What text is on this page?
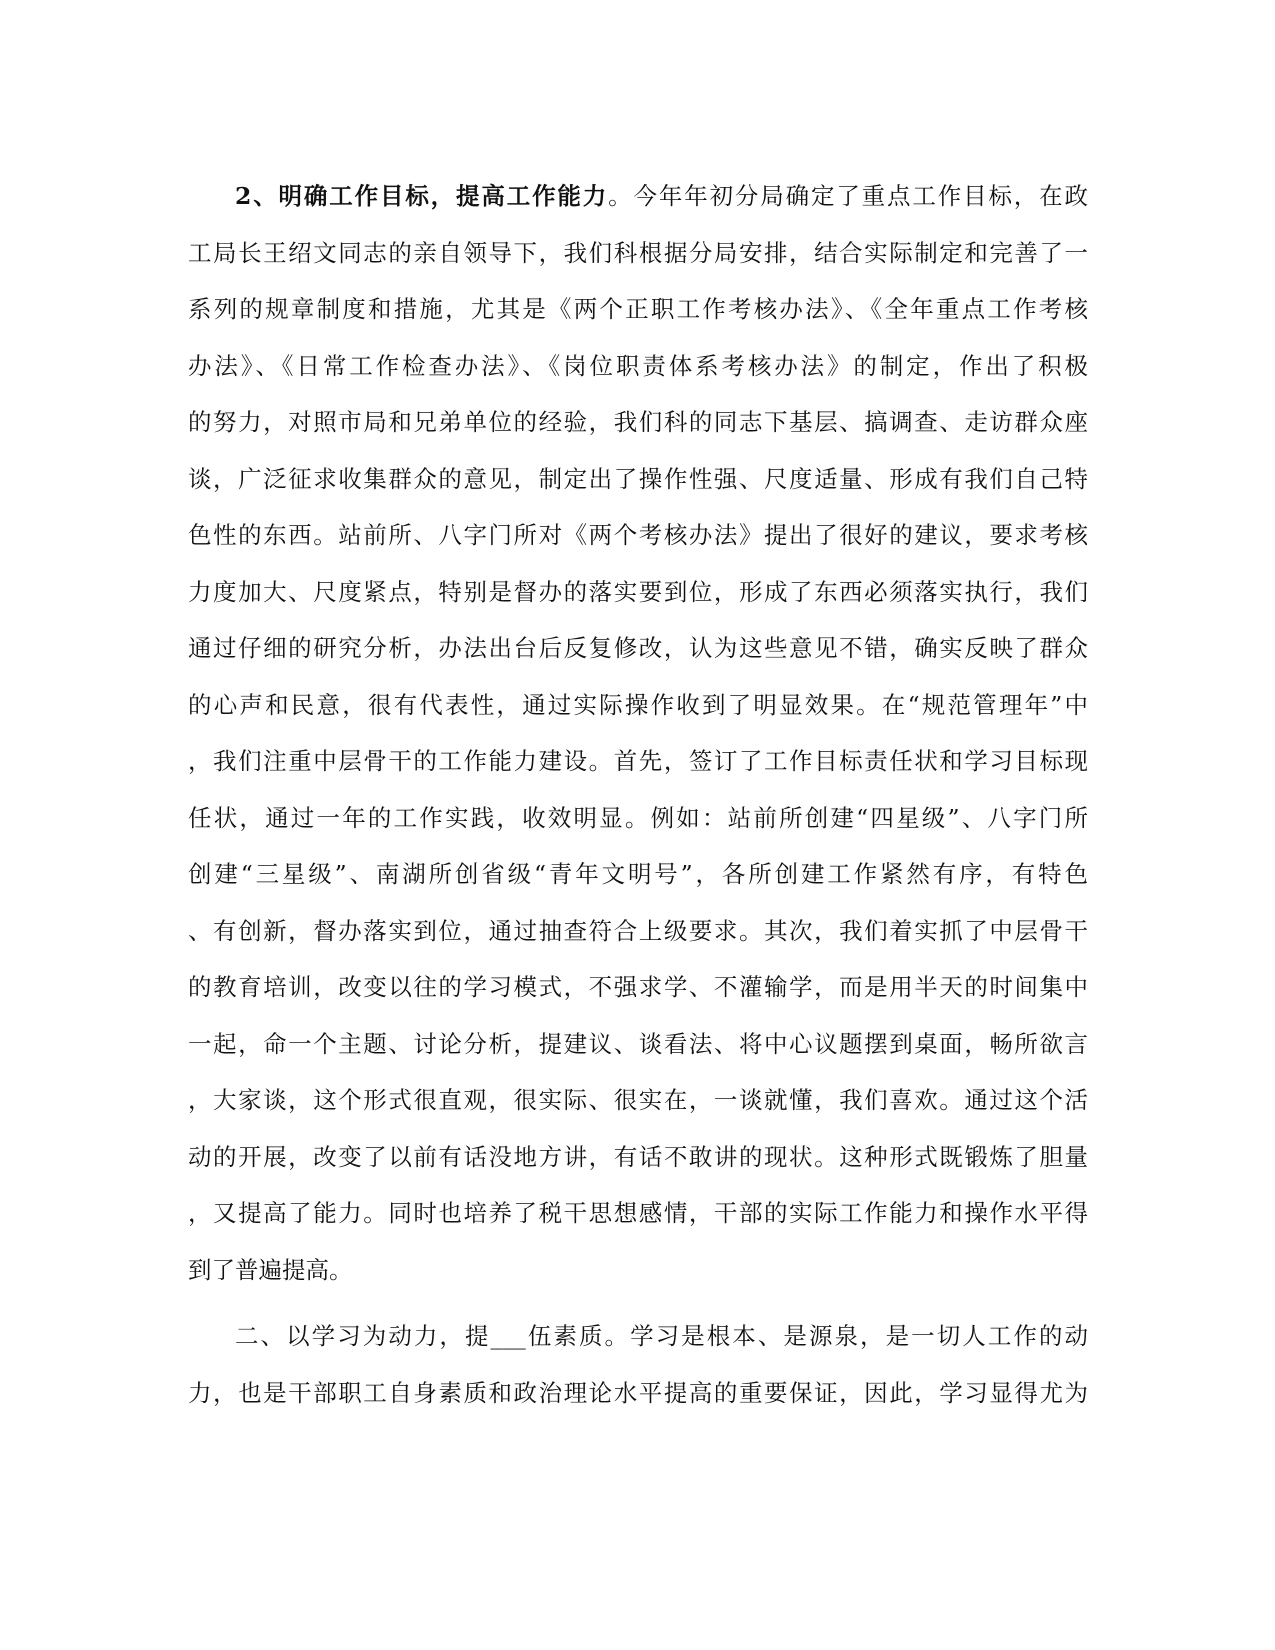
2、明确工作目标，提高工作能力。今年年初分局确定了重点工作目标，在政
工局长王绍文同志的亲自领导下，我们科根据分局安排，结合实际制定和完善了一
系列的规章制度和措施，尤其是《两个正职工作考核办法》、《全年重点工作考核
办法》、《日常工作检查办法》、《岗位职责体系考核办法》的制定，作出了积极
的努力，对照市局和兄弟单位的经验，我们科的同志下基层、搞调查、走访群众座
谈，广泛征求收集群众的意见，制定出了操作性强、尺度适量、形成有我们自己特
色性的东西。站前所、八字门所对《两个考核办法》提出了很好的建议，要求考核
力度加大、尺度紧点，特别是督办的落实要到位，形成了东西必须落实执行，我们
通过仔细的研究分析，办法出台后反复修改，认为这些意见不错，确实反映了群众
的心声和民意，很有代表性，通过实际操作收到了明显效果。在“规范管理年”中
，我们注重中层骨干的工作能力建设。首先，签订了工作目标责任状和学习目标现
任状，通过一年的工作实践，收效明显。例如：站前所创建“四星级”、八字门所
创建“三星级”、南湖所创省级“青年文明号”，各所创建工作紧然有序，有特色
、有创新，督办落实到位，通过抽查符合上级要求。其次，我们着实抓了中层骨干
的教育培训，改变以往的学习模式，不强求学、不灌输学，而是用半天的时间集中
一起，命一个主题、讨论分析，提建议、谈看法、将中心议题摆到桌面，畅所欲言
，大家谈，这个形式很直观，很实际、很实在，一谈就懂，我们喜欢。通过这个活
动的开展，改变了以前有话没地方讲，有话不敢讲的现状。这种形式既锻炼了胆量
，又提高了能力。同时也培养了税干思想感情，干部的实际工作能力和操作水平得
到了普遍提高。
二、以学习为动力，提___伍素质。学习是根本、是源泉，是一切人工作的动
力，也是干部职工自身素质和政治理论水平提高的重要保证，因此，学习显得尤为
